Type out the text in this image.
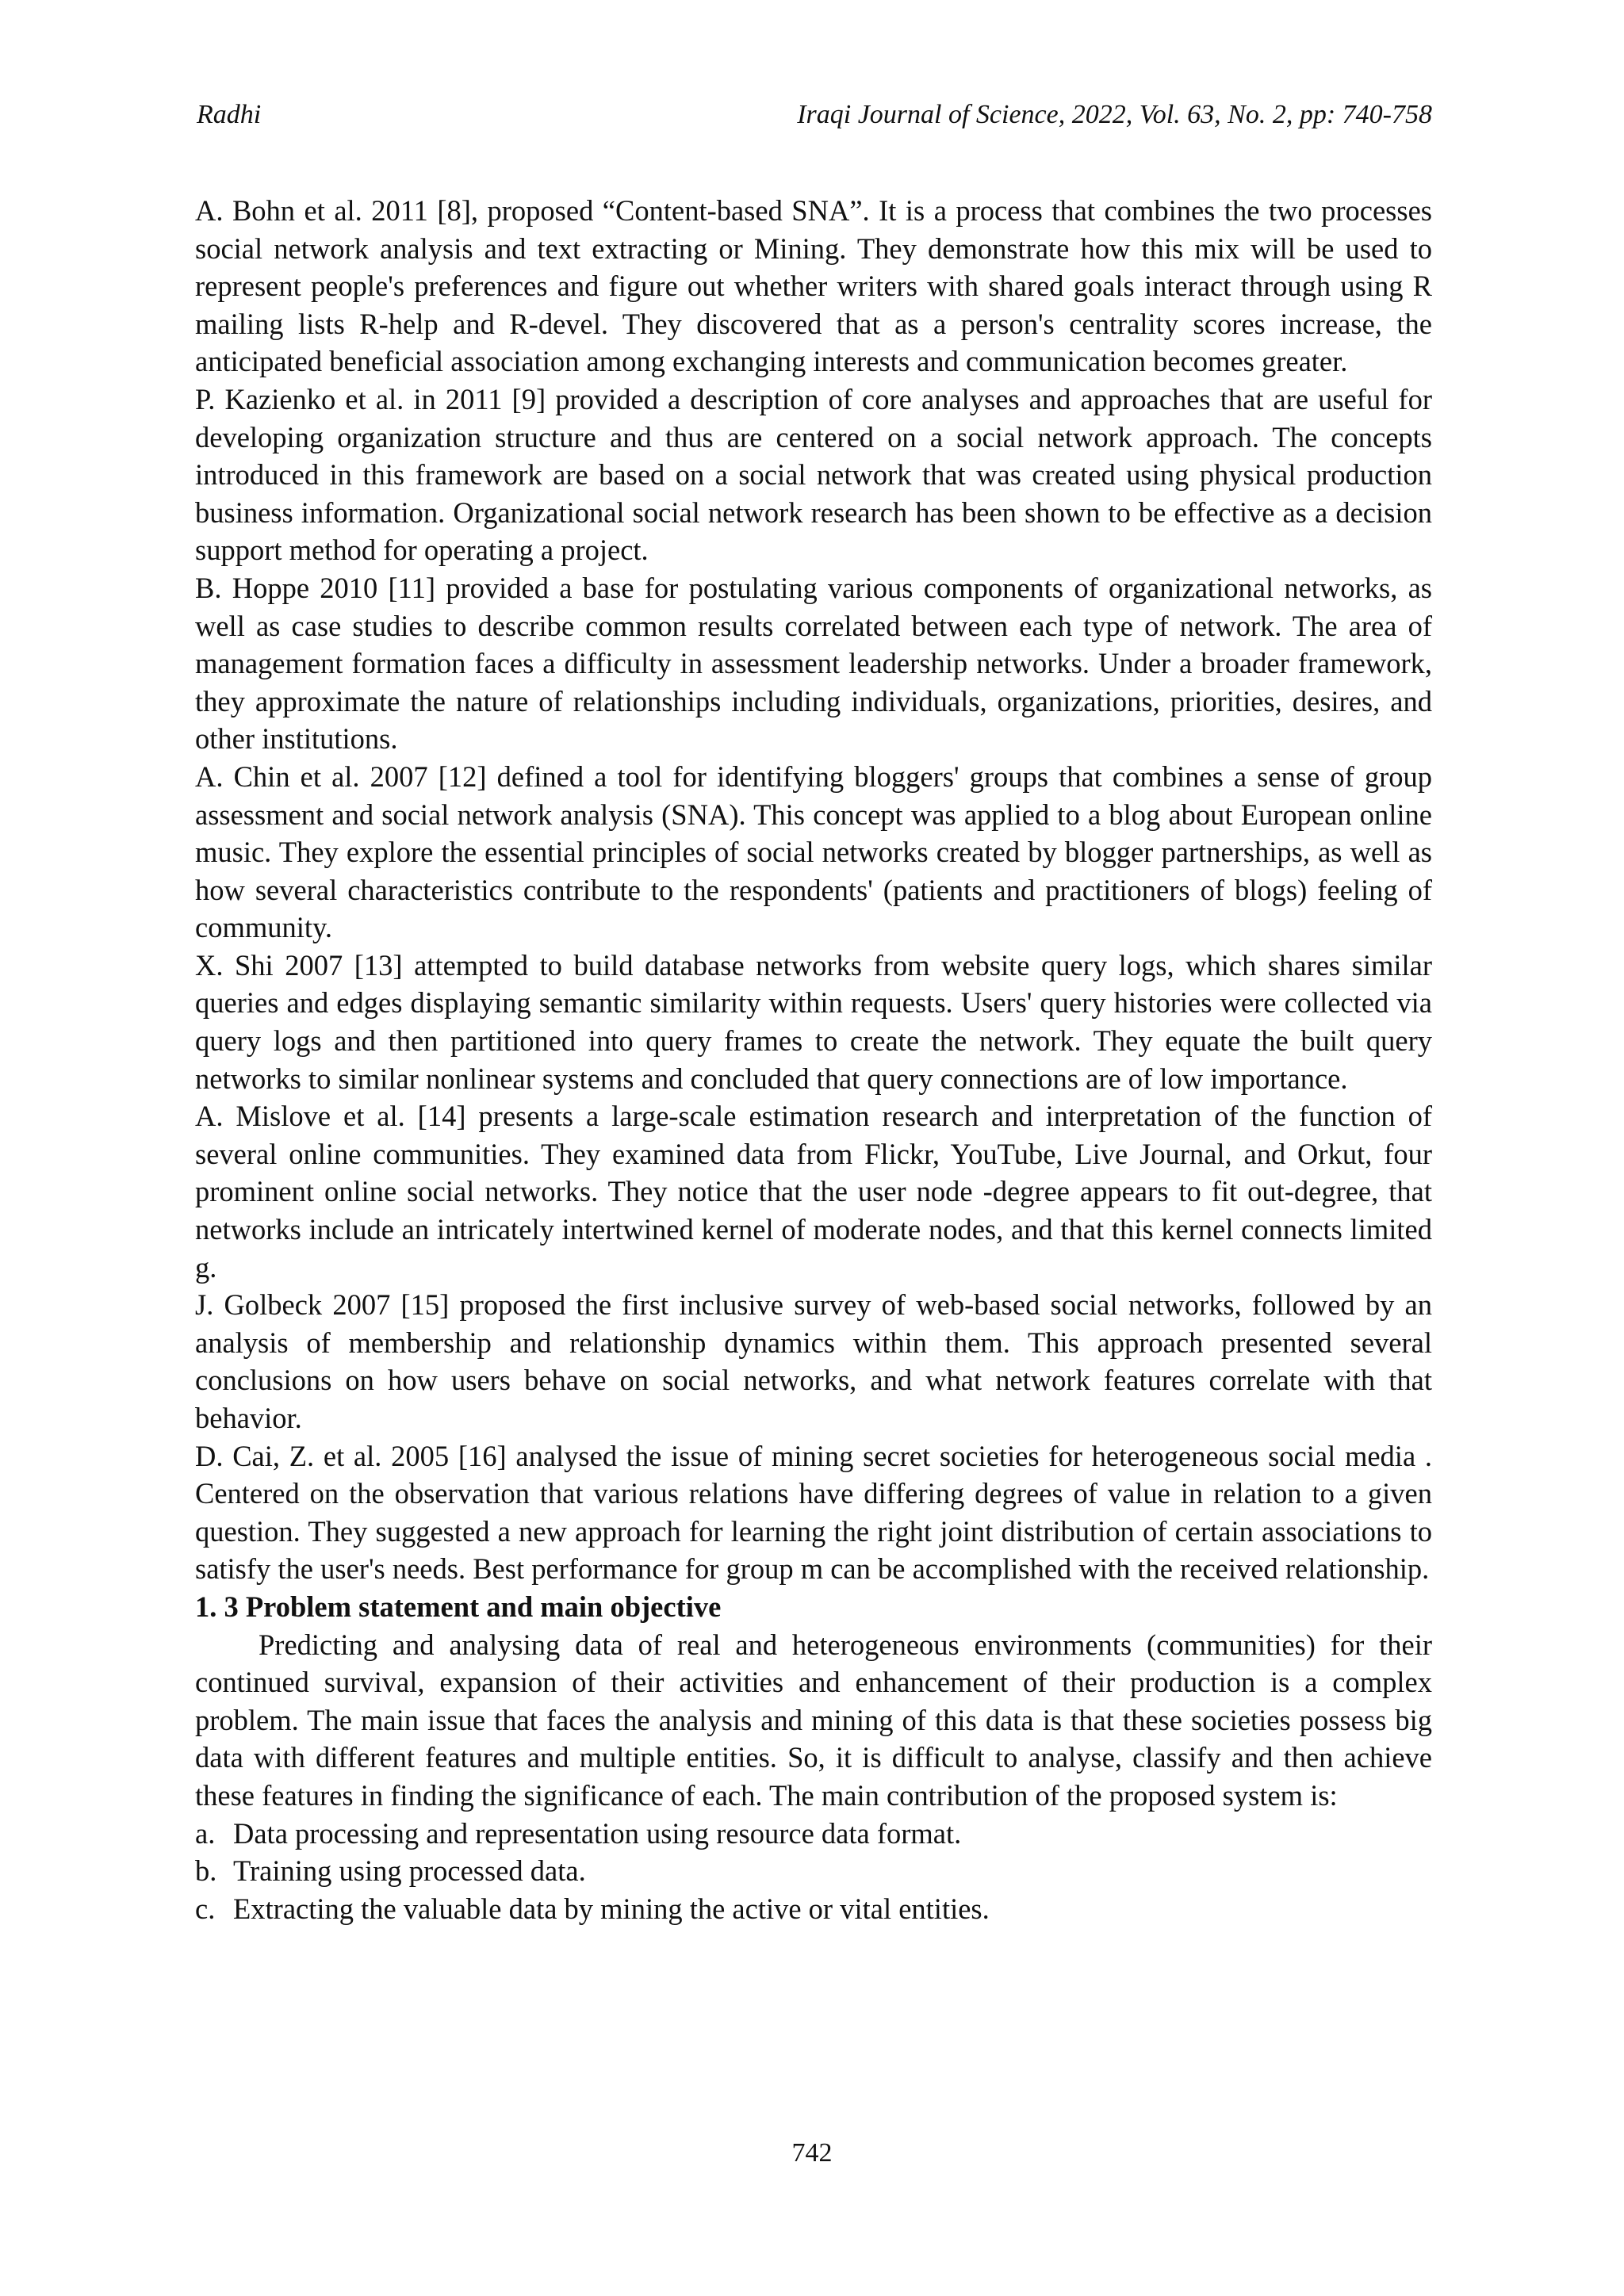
Radhi	Iraqi Journal of Science, 2022, Vol. 63, No. 2, pp: 740-758

A. Bohn et al. 2011 [8], proposed “Content-based SNA”. It is a process that combines the two processes social network analysis and text extracting or Mining. They demonstrate how this mix will be used to represent people's preferences and figure out whether writers with shared goals interact through using R mailing lists R-help and R-devel. They discovered that as a person's centrality scores increase, the anticipated beneficial association among exchanging interests and communication becomes greater.

P. Kazienko et al. in 2011 [9] provided a description of core analyses and approaches that are useful for developing organization structure and thus are centered on a social network approach. The concepts introduced in this framework are based on a social network that was created using physical production business information. Organizational social network research has been shown to be effective as a decision support method for operating a project.

B. Hoppe 2010 [11] provided a base for postulating various components of organizational networks, as well as case studies to describe common results correlated between each type of network. The area of management formation faces a difficulty in assessment leadership networks. Under a broader framework, they approximate the nature of relationships including individuals, organizations, priorities, desires, and other institutions.

A. Chin et al. 2007 [12] defined a tool for identifying bloggers' groups that combines a sense of group assessment and social network analysis (SNA). This concept was applied to a blog about European online music. They explore the essential principles of social networks created by blogger partnerships, as well as how several characteristics contribute to the respondents' (patients and practitioners of blogs) feeling of community.

X. Shi 2007 [13] attempted to build database networks from website query logs, which shares similar queries and edges displaying semantic similarity within requests. Users' query histories were collected via query logs and then partitioned into query frames to create the network. They equate the built query networks to similar nonlinear systems and concluded that query connections are of low importance.

A. Mislove et al. [14] presents a large-scale estimation research and interpretation of the function of several online communities. They examined data from Flickr, YouTube, Live Journal, and Orkut, four prominent online social networks. They notice that the user node -degree appears to fit out-degree, that networks include an intricately intertwined kernel of moderate nodes, and that this kernel connects limited g.

J. Golbeck 2007 [15] proposed the first inclusive survey of web-based social networks, followed by an analysis of membership and relationship dynamics within them. This approach presented several conclusions on how users behave on social networks, and what network features correlate with that behavior.

D. Cai, Z. et al. 2005 [16] analysed the issue of mining secret societies for heterogeneous social media . Centered on the observation that various relations have differing degrees of value in relation to a given question. They suggested a new approach for learning the right joint distribution of certain associations to satisfy the user's needs. Best performance for group m can be accomplished with the received relationship.

1. 3 Problem statement and main objective

Predicting and analysing data of real and heterogeneous environments (communities) for their continued survival, expansion of their activities and enhancement of their production is a complex problem. The main issue that faces the analysis and mining of this data is that these societies possess big data with different features and multiple entities. So, it is difficult to analyse, classify and then achieve these features in finding the significance of each. The main contribution of the proposed system is:

a. Data processing and representation using resource data format.
b. Training using processed data.
c. Extracting the valuable data by mining the active or vital entities.
742
